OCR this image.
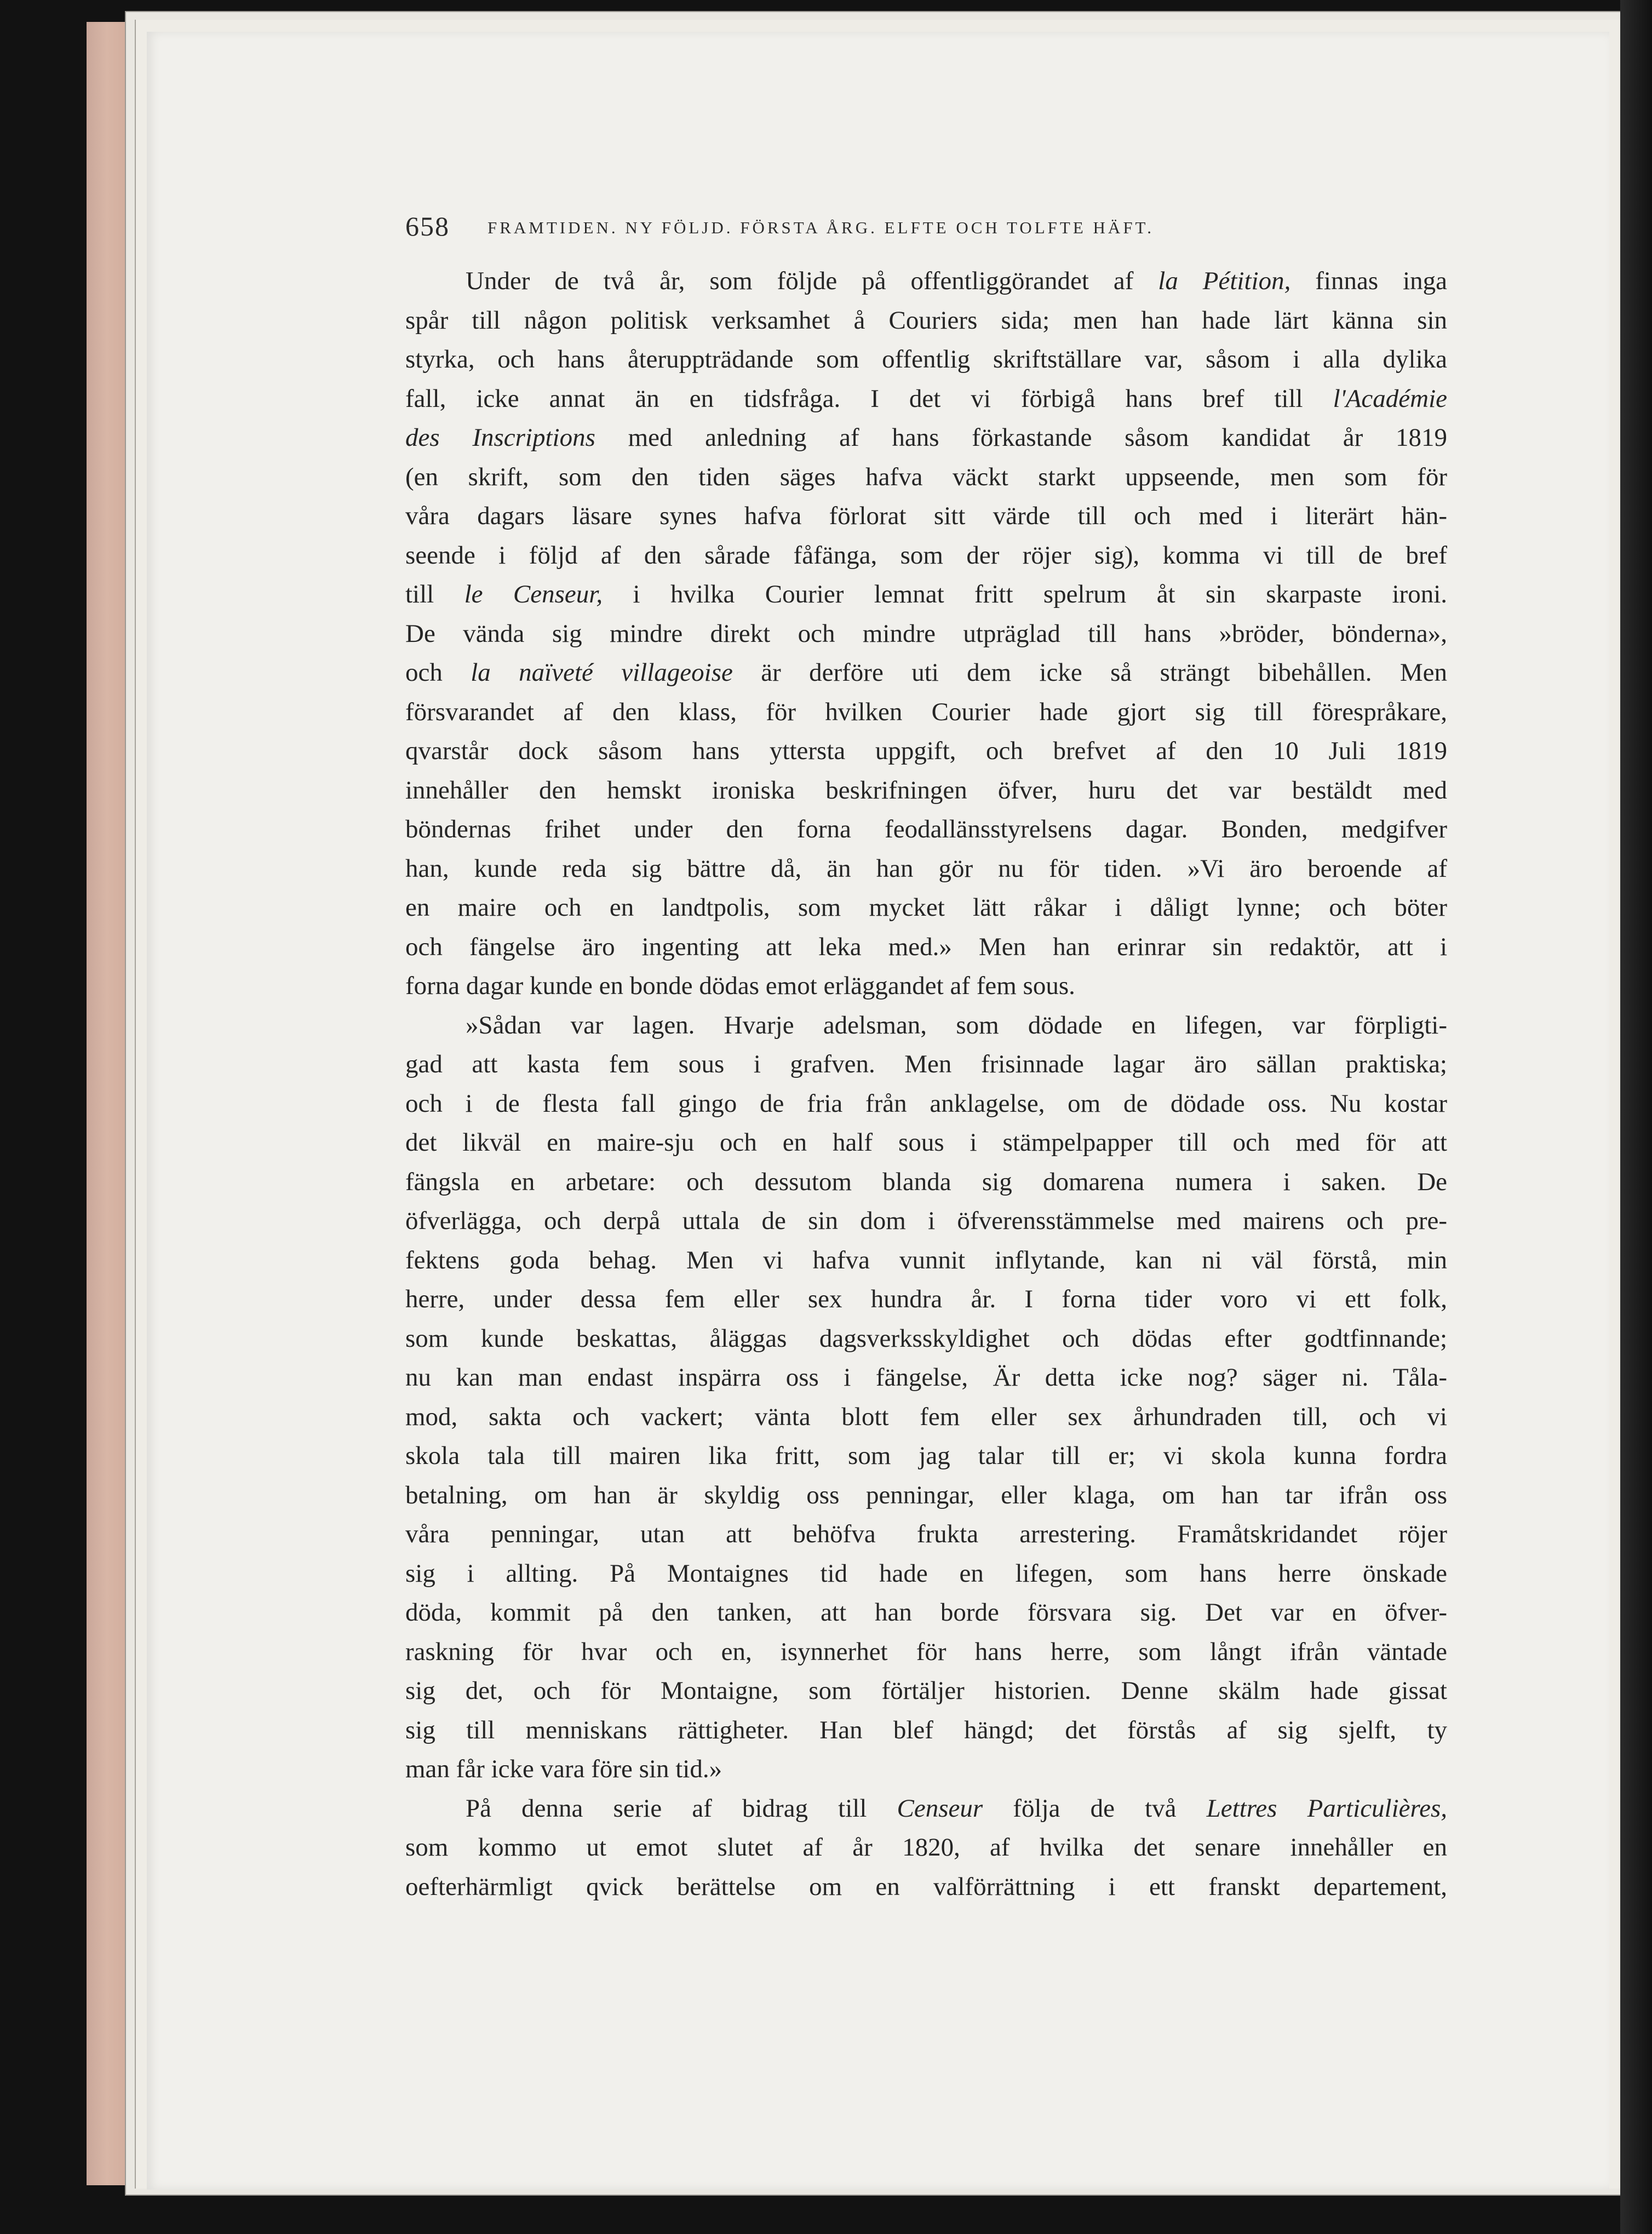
658 FRAMTIDEN. NY FÖLJD. FÖRSTA ÅRG. ELFTE OCH TOLFTE HÄFT.
Under de två år, som följde på offentliggörandet af la Pétition, finnas inga
spår till någon politisk verksamhet å Couriers sida; men han hade lärt känna sin
styrka, och hans återuppträdande som offentlig skriftställare var, såsom i alla dylika
fall, icke annat än en tidsfråga. I det vi förbigå hans bref till l'Académie
des Inscriptions med anledning af hans förkastande såsom kandidat år 1819
(en skrift, som den tiden säges hafva väckt starkt uppseende, men som för
våra dagars läsare synes hafva förlorat sitt värde till och med i literärt hän-
seende i följd af den sårade fåfänga, som der röjer sig), komma vi till de bref
till le Censeur, i hvilka Courier lemnat fritt spelrum åt sin skarpaste ironi.
De vända sig mindre direkt och mindre utpräglad till hans »bröder, bönderna»,
och la naïveté villageoise är derföre uti dem icke så strängt bibehållen. Men
försvarandet af den klass, för hvilken Courier hade gjort sig till förespråkare,
qvarstår dock såsom hans yttersta uppgift, och brefvet af den 10 Juli 1819
innehåller den hemskt ironiska beskrifningen öfver, huru det var bestäldt med
böndernas frihet under den forna feodallänsstyrelsens dagar. Bonden, medgifver
han, kunde reda sig bättre då, än han gör nu för tiden. »Vi äro beroende af
en maire och en landtpolis, som mycket lätt råkar i dåligt lynne; och böter
och fängelse äro ingenting att leka med.» Men han erinrar sin redaktör, att i
forna dagar kunde en bonde dödas emot erläggandet af fem sous.
»Sådan var lagen. Hvarje adelsman, som dödade en lifegen, var förpligti-
gad att kasta fem sous i grafven. Men frisinnade lagar äro sällan praktiska;
och i de flesta fall gingo de fria från anklagelse, om de dödade oss. Nu kostar
det likväl en maire-sju och en half sous i stämpelpapper till och med för att
fängsla en arbetare: och dessutom blanda sig domarena numera i saken. De
öfverlägga, och derpå uttala de sin dom i öfverensstämmelse med mairens och pre-
fektens goda behag. Men vi hafva vunnit inflytande, kan ni väl förstå, min
herre, under dessa fem eller sex hundra år. I forna tider voro vi ett folk,
som kunde beskattas, åläggas dagsverksskyldighet och dödas efter godtfinnande;
nu kan man endast inspärra oss i fängelse, Är detta icke nog? säger ni. Tåla-
mod, sakta och vackert; vänta blott fem eller sex århundraden till, och vi
skola tala till mairen lika fritt, som jag talar till er; vi skola kunna fordra
betalning, om han är skyldig oss penningar, eller klaga, om han tar ifrån oss
våra penningar, utan att behöfva frukta arrestering. Framåtskridandet röjer
sig i allting. På Montaignes tid hade en lifegen, som hans herre önskade
döda, kommit på den tanken, att han borde försvara sig. Det var en öfver-
raskning för hvar och en, isynnerhet för hans herre, som långt ifrån väntade
sig det, och för Montaigne, som förtäljer historien. Denne skälm hade gissat
sig till menniskans rättigheter. Han blef hängd; det förstås af sig sjelft, ty
man får icke vara före sin tid.»
På denna serie af bidrag till Censeur följa de två Lettres Particulières,
som kommo ut emot slutet af år 1820, af hvilka det senare innehåller en
oefterhärmligt qvick berättelse om en valförrättning i ett franskt departement,
